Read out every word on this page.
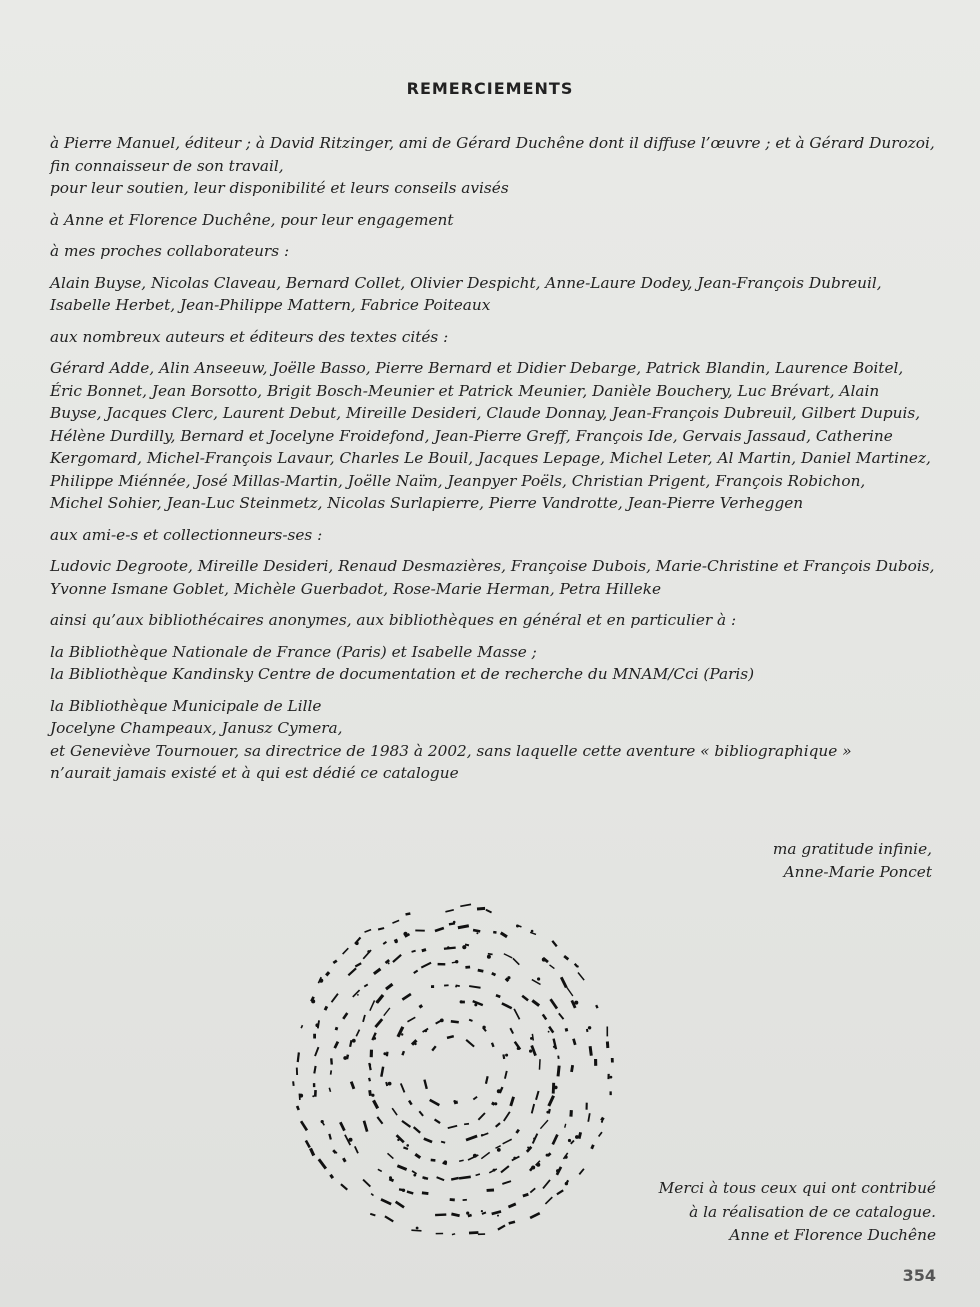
REMERCIEMENTS
à Pierre Manuel, éditeur ; à David Ritzinger, ami de Gérard Duchêne dont il diffuse l’œuvre ; et à Gérard Durozoi,
fin connaisseur de son travail,
pour leur soutien, leur disponibilité et leurs conseils avisés
à Anne et Florence Duchêne, pour leur engagement
à mes proches collaborateurs :
Alain Buyse, Nicolas Claveau, Bernard Collet, Olivier Despicht, Anne-Laure Dodey, Jean-François Dubreuil,
Isabelle Herbet, Jean-Philippe Mattern, Fabrice Poiteaux
aux nombreux auteurs et éditeurs des textes cités :
Gérard Adde, Alin Anseeuw, Joëlle Basso, Pierre Bernard et Didier Debarge, Patrick Blandin, Laurence Boitel,
Éric Bonnet, Jean Borsotto, Brigit Bosch-Meunier et Patrick Meunier, Danièle Bouchery, Luc Brévart, Alain
Buyse, Jacques Clerc, Laurent Debut, Mireille Desideri, Claude Donnay, Jean-François Dubreuil, Gilbert Dupuis,
Hélène Durdilly, Bernard et Jocelyne Froidefond, Jean-Pierre Greff, François Ide, Gervais Jassaud, Catherine
Kergomard, Michel-François Lavaur, Charles Le Bouil, Jacques Lepage, Michel Leter, Al Martin, Daniel Martinez,
Philippe Miénnée, José Millas-Martin, Joëlle Naïm, Jeanpyer Poëls, Christian Prigent, François Robichon,
Michel Sohier, Jean-Luc Steinmetz, Nicolas Surlapierre, Pierre Vandrotte, Jean-Pierre Verheggen
aux ami-e-s et collectionneurs-ses :
Ludovic Degroote, Mireille Desideri, Renaud Desmazières, Françoise Dubois, Marie-Christine et François Dubois,
Yvonne Ismane Goblet, Michèle Guerbadot, Rose-Marie Herman, Petra Hilleke
ainsi qu’aux bibliothécaires anonymes, aux bibliothèques en général et en particulier à :
la Bibliothèque Nationale de France (Paris) et Isabelle Masse ;
la Bibliothèque Kandinsky Centre de documentation et de recherche du MNAM/Cci (Paris)
la Bibliothèque Municipale de Lille
Jocelyne Champeaux, Janusz Cymera,
et Geneviève Tournouer, sa directrice de 1983 à 2002, sans laquelle cette aventure « bibliographique »
n’aurait jamais existé et à qui est dédié ce catalogue
ma gratitude infinie,
Anne-Marie Poncet
Merci à tous ceux qui ont contribué
à la réalisation de ce catalogue.
Anne et Florence Duchêne
354
